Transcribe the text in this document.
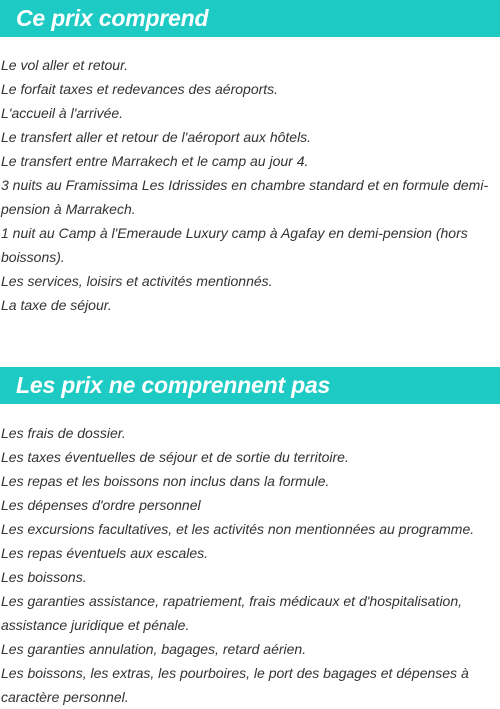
Ce prix comprend
Le vol aller et retour.
Le forfait taxes et redevances des aéroports.
L'accueil à l'arrivée.
Le transfert aller et retour de l'aéroport aux hôtels.
Le transfert entre Marrakech et le camp au jour 4.
3 nuits au Framissima Les Idrissides en chambre standard et en formule demi-pension à Marrakech.
1 nuit au Camp à l'Emeraude Luxury camp à Agafay en demi-pension (hors boissons).
Les services, loisirs et activités mentionnés.
La taxe de séjour.
Les prix ne comprennent pas
Les frais de dossier.
Les taxes éventuelles de séjour et de sortie du territoire.
Les repas et les boissons non inclus dans la formule.
Les dépenses d'ordre personnel
Les excursions facultatives, et les activités non mentionnées au programme.
Les repas éventuels aux escales.
Les boissons.
Les garanties assistance, rapatriement, frais médicaux et d'hospitalisation, assistance juridique et pénale.
Les garanties annulation, bagages, retard aérien.
Les boissons, les extras, les pourboires, le port des bagages et dépenses à caractère personnel.
